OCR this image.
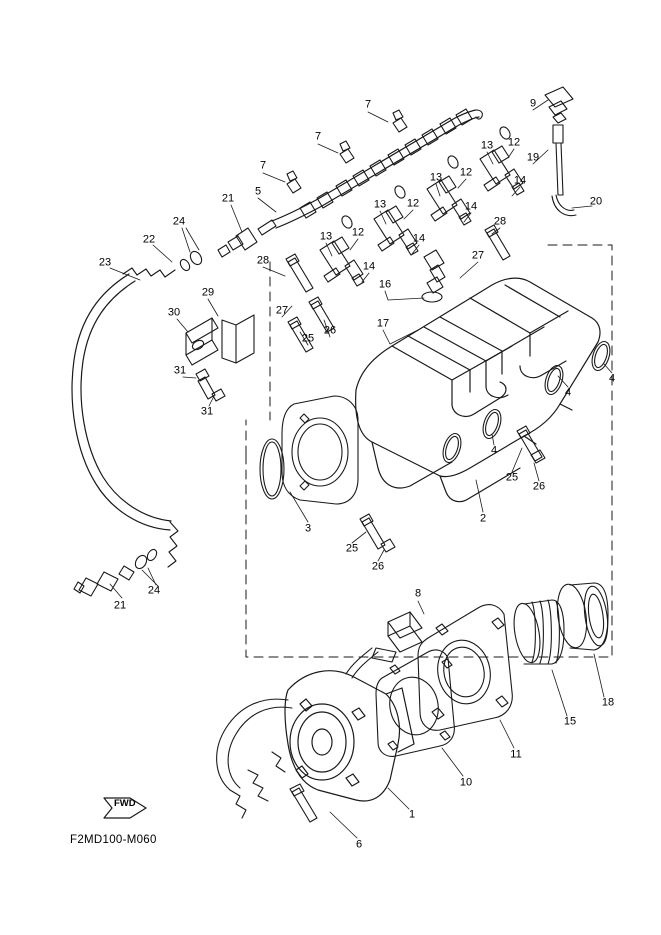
7	9
7	12
13
19
7
12
14
13
5
20
21	13 12	14
24	28
13 12
22	14
27
23	28	14
16
29
27
30
26
17
25
31
4
4
31
4
25
26
3
2
25
26
21
24	8
18
15
11
10
1
6
FWD
F2MD100-M060
